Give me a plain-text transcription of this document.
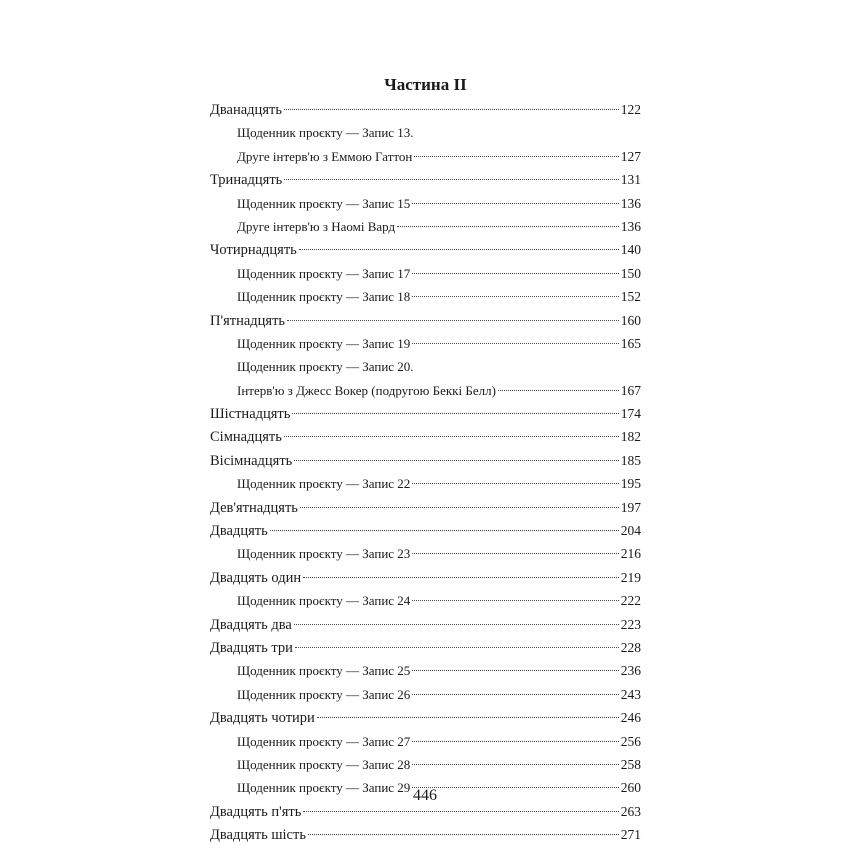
Частина II
Дванадцять	122
Щоденник проєкту — Запис 13.
Друге інтерв'ю з Еммою Гаттон	127
Тринадцять	131
Щоденник проєкту — Запис 15	136
Друге інтерв'ю з Наомі Вард	136
Чотирнадцять	140
Щоденник проєкту — Запис 17	150
Щоденник проєкту — Запис 18	152
П'ятнадцять	160
Щоденник проєкту — Запис 19	165
Щоденник проєкту — Запис 20.
Інтерв'ю з Джесс Вокер (подругою Беккі Белл)	167
Шістнадцять	174
Сімнадцять	182
Вісімнадцять	185
Щоденник проєкту — Запис 22	195
Дев'ятнадцять	197
Двадцять	204
Щоденник проєкту — Запис 23	216
Двадцять один	219
Щоденник проєкту — Запис 24	222
Двадцять два	223
Двадцять три	228
Щоденник проєкту — Запис 25	236
Щоденник проєкту — Запис 26	243
Двадцять чотири	246
Щоденник проєкту — Запис 27	256
Щоденник проєкту — Запис 28	258
Щоденник проєкту — Запис 29	260
Двадцять п'ять	263
Двадцять шість	271
446
